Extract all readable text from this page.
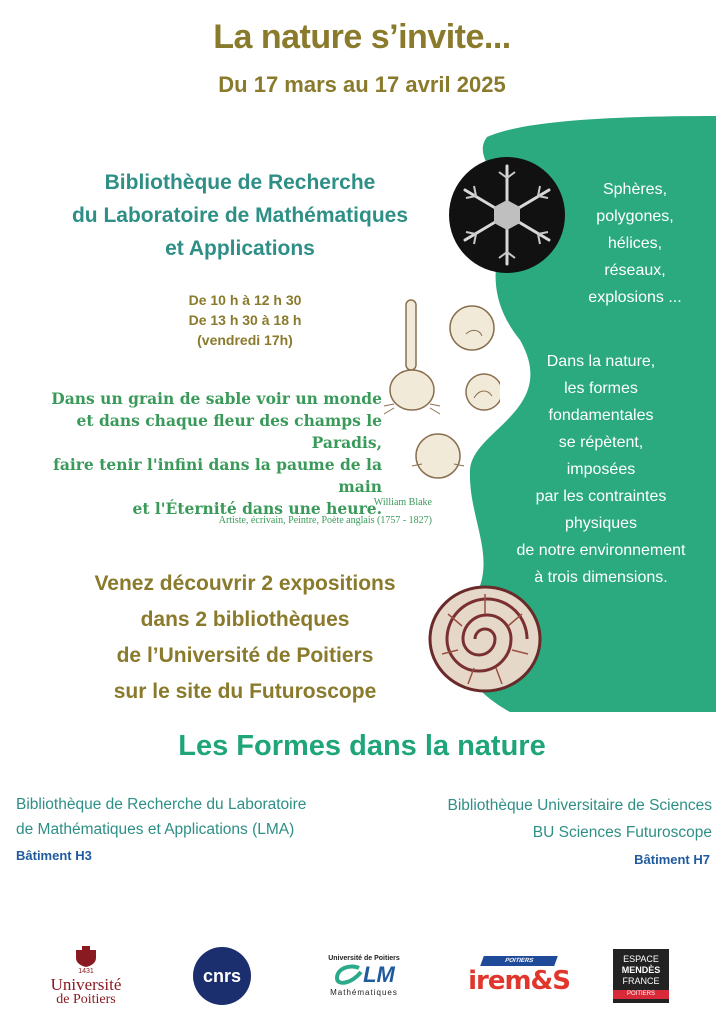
La nature s’invite...
Du 17 mars au 17 avril 2025
Bibliothèque de Recherche
du Laboratoire de Mathématiques
et Applications
De 10 h à 12 h 30
De 13 h 30 à 18 h
(vendredi 17h)
Dans un grain de sable voir un monde
et dans chaque fleur des champs le Paradis,
faire tenir l'infini dans la paume de la main
et l'Éternité dans une heure.
William Blake
Artiste, écrivain, Peintre, Poète anglais (1757 - 1827)
Venez découvrir 2 expositions
dans 2 bibliothèques
de l’Université de Poitiers
sur le site du Futuroscope
Sphères,
polygones,
hélices,
réseaux,
explosions ...
Dans la nature,
les formes
fondamentales
se répètent,
imposées
par les contraintes
physiques
de notre environnement
à trois dimensions.
Les Formes dans la nature
Bibliothèque de Recherche du Laboratoire
de Mathématiques et Applications (LMA)
Bâtiment H3
Bibliothèque Universitaire de Sciences
BU Sciences Futuroscope
Bâtiment H7
1431
Université
de Poitiers
cnrs
Université de Poitiers
LM
Mathématiques
POITIERS
irem&S
ESPACE
MENDÈS
FRANCE
POITIERS
